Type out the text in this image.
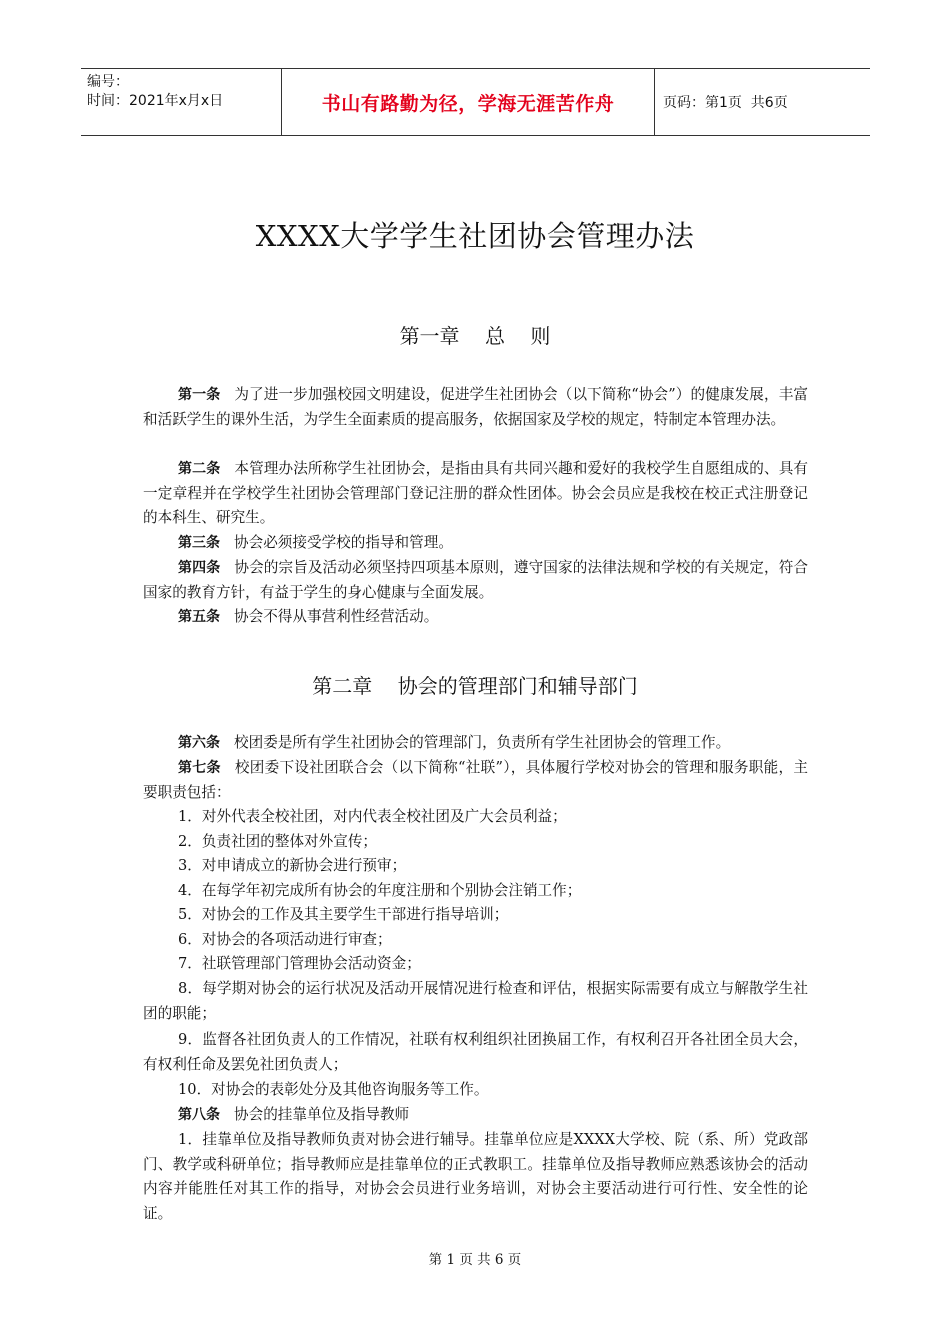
编号：
时间：2021年x月x日	书山有路勤为径，学海无涯苦作舟	页码：第1页  共6页
XXXX大学学生社团协会管理办法
第一章    总    则
第一条 为了进一步加强校园文明建设，促进学生社团协会（以下简称“协会”）的健康发展，丰富和活跃学生的课外生活，为学生全面素质的提高服务，依据国家及学校的规定，特制定本管理办法。
第二条 本管理办法所称学生社团协会，是指由具有共同兴趣和爱好的我校学生自愿组成的、具有一定章程并在学校学生社团协会管理部门登记注册的群众性团体。协会会员应是我校在校正式注册登记的本科生、研究生。
第三条 协会必须接受学校的指导和管理。
第四条 协会的宗旨及活动必须坚持四项基本原则，遵守国家的法律法规和学校的有关规定，符合国家的教育方针，有益于学生的身心健康与全面发展。
第五条 协会不得从事营利性经营活动。
第二章    协会的管理部门和辅导部门
第六条 校团委是所有学生社团协会的管理部门，负责所有学生社团协会的管理工作。
第七条 校团委下设社团联合会（以下简称“社联”），具体履行学校对协会的管理和服务职能，主要职责包括：
1．对外代表全校社团，对内代表全校社团及广大会员利益；
2．负责社团的整体对外宣传；
3．对申请成立的新协会进行预审；
4．在每学年初完成所有协会的年度注册和个别协会注销工作；
5．对协会的工作及其主要学生干部进行指导培训；
6．对协会的各项活动进行审查；
7．社联管理部门管理协会活动资金；
8．每学期对协会的运行状况及活动开展情况进行检查和评估，根据实际需要有成立与解散学生社团的职能；
9．监督各社团负责人的工作情况，社联有权利组织社团换届工作，有权利召开各社团全员大会，有权利任命及罢免社团负责人；
10．对协会的表彰处分及其他咨询服务等工作。
第八条 协会的挂靠单位及指导教师
1．挂靠单位及指导教师负责对协会进行辅导。挂靠单位应是XXXX大学校、院（系、所）党政部门、教学或科研单位；指导教师应是挂靠单位的正式教职工。挂靠单位及指导教师应熟悉该协会的活动内容并能胜任对其工作的指导，对协会会员进行业务培训，对协会主要活动进行可行性、安全性的论证。
第 1 页 共 6 页
